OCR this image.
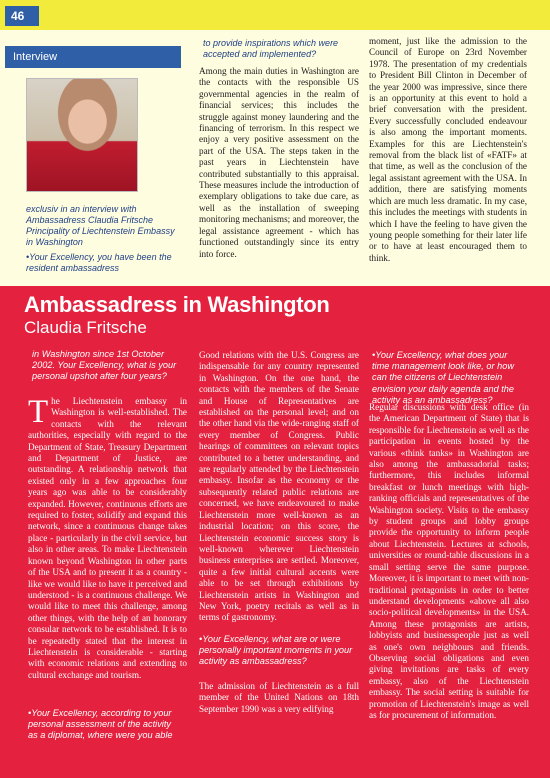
46
Interview
exclusiv in an interview with Ambassadress Claudia Fritsche Principality of Liechtenstein Embassy in Washington
• Your Excellency, you have been the resident ambassadress
to provide inspirations which were accepted and implemented?
Among the main duties in Washington are the contacts with the responsible US governmental agencies in the realm of financial services; this includes the struggle against money laundering and the financing of terrorism. In this respect we enjoy a very positive assessment on the part of the USA. The steps taken in the past years in Liechtenstein have contributed substantially to this appraisal. These measures include the introduction of exemplary obligations to take due care, as well as the installation of sweeping monitoring mechanisms; and moreover, the legal assistance agreement - which has functioned outstandingly since its entry into force.
moment, just like the admission to the Council of Europe on 23rd November 1978. The presentation of my credentials to President Bill Clinton in December of the year 2000 was impressive, since there is an opportunity at this event to hold a brief conversation with the president. Every successfully concluded endeavour is also among the important moments. Examples for this are Liechtenstein's removal from the black list of «FATF» at that time, as well as the conclusion of the legal assistant agreement with the USA. In addition, there are satisfying moments which are much less dramatic. In my case, this includes the meetings with students in which I have the feeling to have given the young people something for their later life or to have at least encouraged them to think.
Ambassadress in Washington
Claudia Fritsche
in Washington since 1st October 2002. Your Excellency, what is your personal upshot after four years?
The Liechtenstein embassy in Washington is well-established. The contacts with the relevant authorities, especially with regard to the Department of State, Treasury Department and Department of Justice, are outstanding. A relationship network that existed only in a few approaches four years ago was able to be considerably expanded. However, continuous efforts are required to foster, solidify and expand this network, since a continuous change takes place - particularly in the civil service, but also in other areas. To make Liechtenstein known beyond Washington in other parts of the USA and to present it as a country - like we would like to have it perceived and understood - is a continuous challenge. We would like to meet this challenge, among other things, with the help of an honorary consular network to be established. It is to be repeatedly stated that the interest in Liechtenstein is considerable - starting with economic relations and extending to cultural exchange and tourism.
• Your Excellency, according to your personal assessment of the activity as a diplomat, where were you able
Good relations with the U.S. Congress are indispensable for any country represented in Washington. On the one hand, the contacts with the members of the Senate and House of Representatives are established on the personal level; and on the other hand via the wide-ranging staff of every member of Congress. Public hearings of committees on relevant topics contributed to a better understanding, and are regularly attended by the Liechtenstein embassy. Insofar as the economy or the subsequently related public relations are concerned, we have endeavoured to make Liechtenstein more well-known as an industrial location; on this score, the Liechtenstein economic success story is well-known wherever Liechtenstein business enterprises are settled. Moreover, quite a few initial cultural accents were able to be set through exhibitions by Liechtenstein artists in Washington and New York, poetry recitals as well as in terms of gastronomy.
• Your Excellency, what are or were personally important moments in your activity as ambassadress?
The admission of Liechtenstein as a full member of the United Nations on 18th September 1990 was a very edifying
• Your Excellency, what does your time management look like, or how can the citizens of Liechtenstein envision your daily agenda and the activity as an ambassadress?
Regular discussions with desk office (in the American Department of State) that is responsible for Liechtenstein as well as the participation in events hosted by the various «think tanks» in Washington are also among the ambassadorial tasks; furthermore, this includes informal breakfast or lunch meetings with high-ranking officials and representatives of the Washington society. Visits to the embassy by student groups and lobby groups provide the opportunity to inform people about Liechtenstein. Lectures at schools, universities or round-table discussions in a small setting serve the same purpose. Moreover, it is important to meet with non-traditional protagonists in order to better understand developments «above all also socio-political developments» in the USA. Among these protagonists are artists, lobbyists and businesspeople just as well as one's own neighbours and friends. Observing social obligations and even giving invitations are tasks of every embassy, also of the Liechtenstein embassy. The social setting is suitable for promotion of Liechtenstein's image as well as for procurement of information.
